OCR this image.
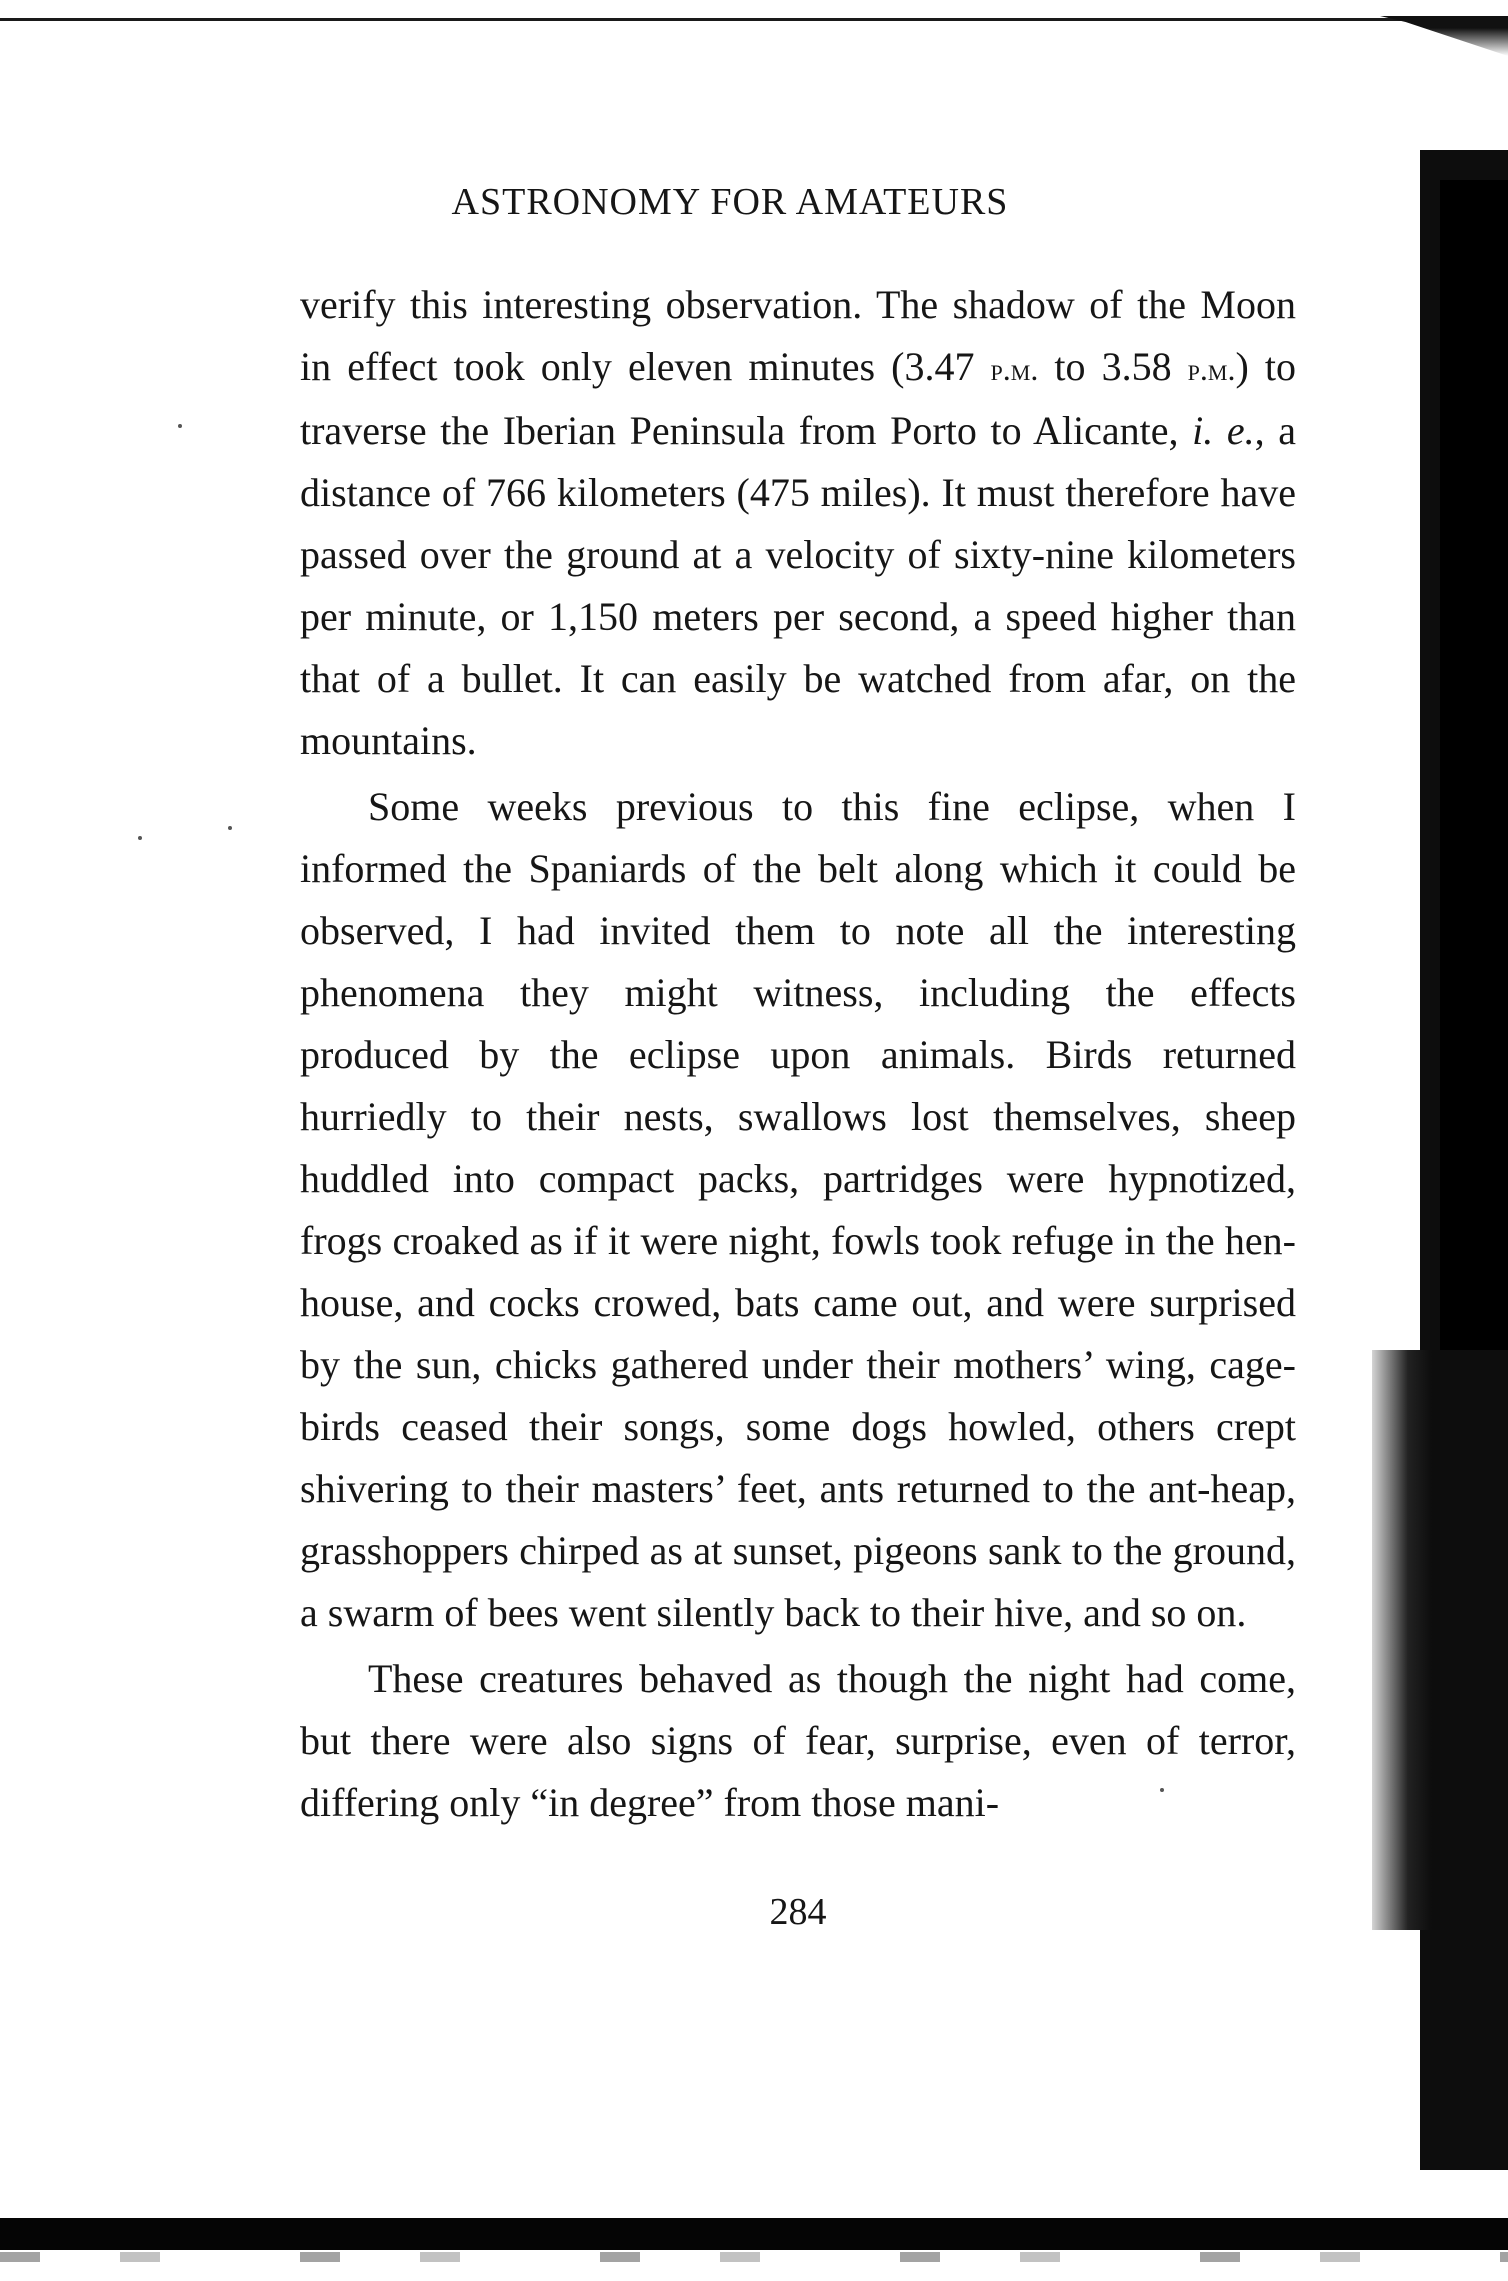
ASTRONOMY FOR AMATEURS

verify this interesting observation. The shadow of the Moon in effect took only eleven minutes (3.47 p.m. to 3.58 p.m.) to traverse the Iberian Peninsula from Porto to Alicante, i. e., a distance of 766 kilometers (475 miles). It must therefore have passed over the ground at a velocity of sixty-nine kilometers per minute, or 1,150 meters per second, a speed higher than that of a bullet. It can easily be watched from afar, on the mountains.

Some weeks previous to this fine eclipse, when I informed the Spaniards of the belt along which it could be observed, I had invited them to note all the interesting phenomena they might witness, including the effects produced by the eclipse upon animals. Birds returned hurriedly to their nests, swallows lost themselves, sheep huddled into compact packs, partridges were hypnotized, frogs croaked as if it were night, fowls took refuge in the hen-house, and cocks crowed, bats came out, and were surprised by the sun, chicks gathered under their mothers’ wing, cage-birds ceased their songs, some dogs howled, others crept shivering to their masters’ feet, ants returned to the ant-heap, grasshoppers chirped as at sunset, pigeons sank to the ground, a swarm of bees went silently back to their hive, and so on.

These creatures behaved as though the night had come, but there were also signs of fear, surprise, even of terror, differing only “in degree” from those mani-

284
